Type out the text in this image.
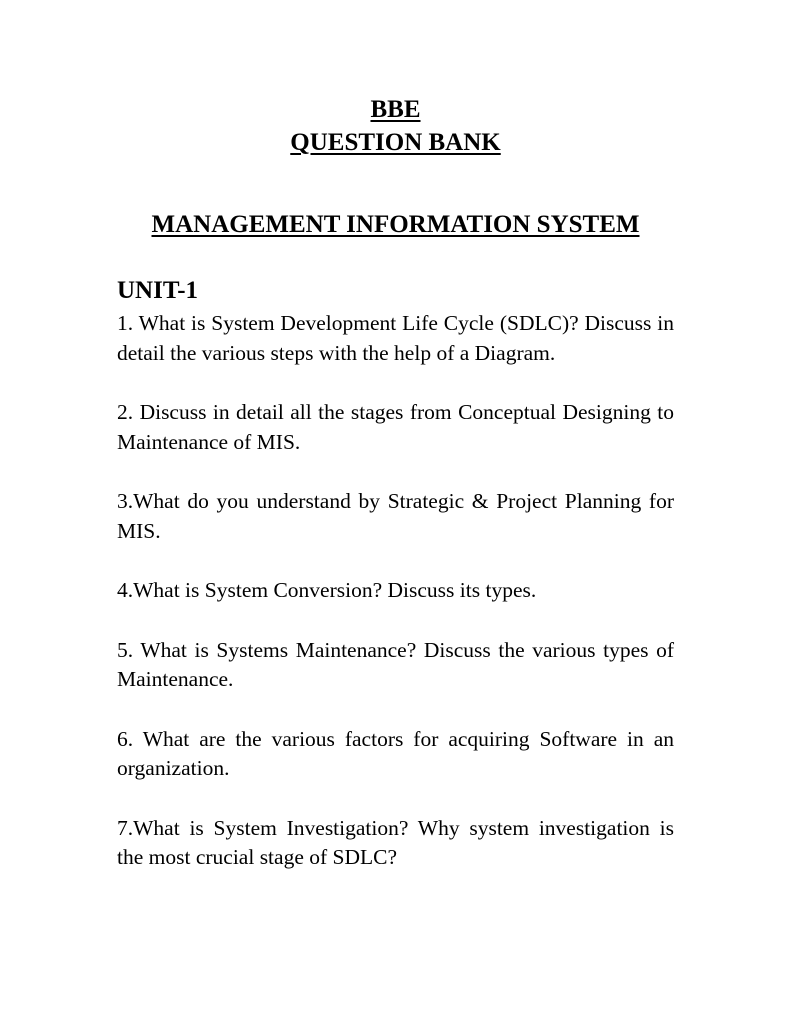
BBE
QUESTION BANK
MANAGEMENT INFORMATION SYSTEM
UNIT-1
1. What is System Development Life Cycle (SDLC)? Discuss in detail the various steps with the help of a Diagram.
2. Discuss in detail all the stages from Conceptual Designing to Maintenance of MIS.
3.What do you understand by Strategic & Project Planning for MIS.
4.What is System Conversion? Discuss its types.
5. What is Systems Maintenance? Discuss the various types of Maintenance.
6. What are the various factors for acquiring Software in an organization.
7.What is System Investigation? Why system investigation is the most crucial stage of SDLC?
